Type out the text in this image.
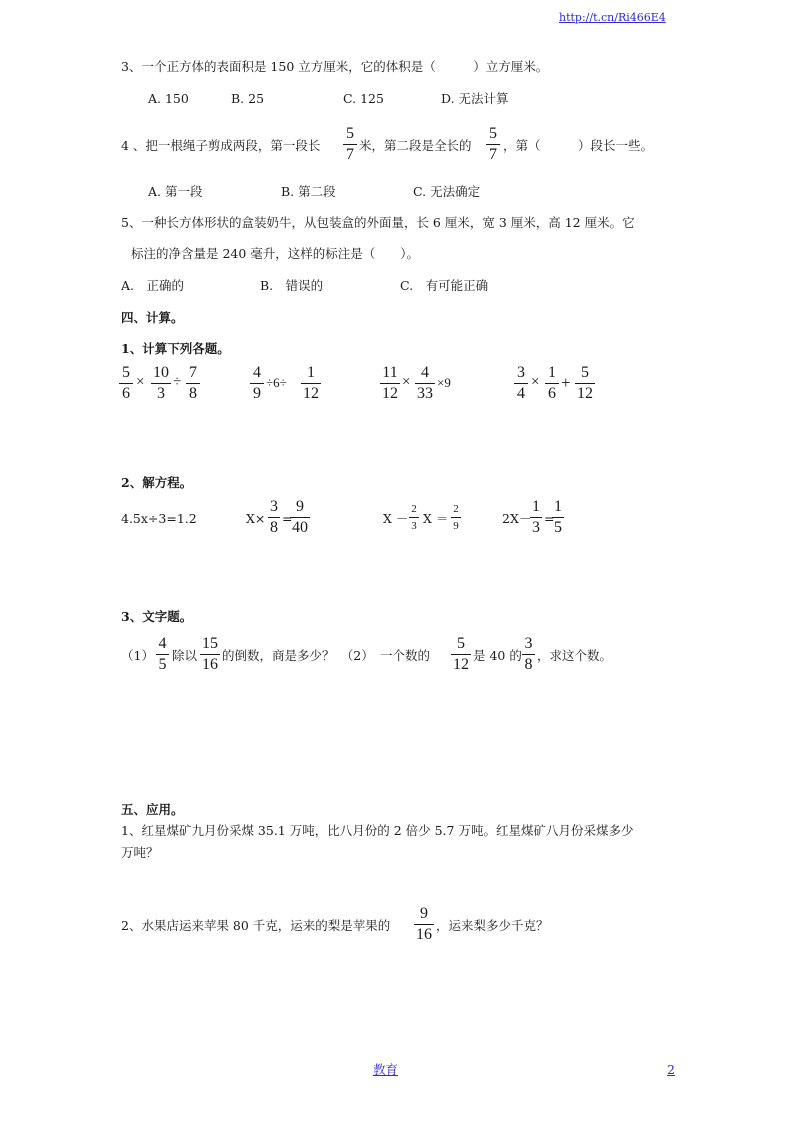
http://t.cn/Ri466E4
3、一个正方体的表面积是 150 立方厘米，它的体积是（　　　）立方厘米。
A. 150	B. 25	C. 125	D. 无法计算
4 、把一根绳子剪成两段，第一段长
5
7
米，第二段是全长的
5
7
，第（　　　）段长一些。
A. 第一段	B. 第二段	C. 无法确定
5、一种长方体形状的盒装奶牛，从包装盒的外面量，长 6 厘米，宽 3 厘米，高 12 厘米。它
标注的净含量是 240 毫升，这样的标注是（　　）。
A.　正确的	B.　错误的	C.　有可能正确
四、计算。
1、计算下列各题。
5
6
×
10
3
÷
7
8
4
9
÷6÷
1
12
11
12
×
4
33
×9
3
4
×
1
6
+
5
12
2、解方程。
4.5x÷3=1.2	X×
3
8
=
9
40
X －
2
3 X ＝
2
9	2X－
1
3
=
1
5
3、文字题。
（1）
4
5
除以
15
16
的倒数，商是多少？　（2）　一个数的
5
12
是 40 的
3
8
，求这个数。
五、应用。
1、红星煤矿九月份采煤 35.1 万吨，比八月份的 2 倍少 5.7 万吨。红星煤矿八月份采煤多少
万吨？
2、水果店运来苹果 80 千克，运来的梨是苹果的
9
16
，运来梨多少千克？
教育	2
